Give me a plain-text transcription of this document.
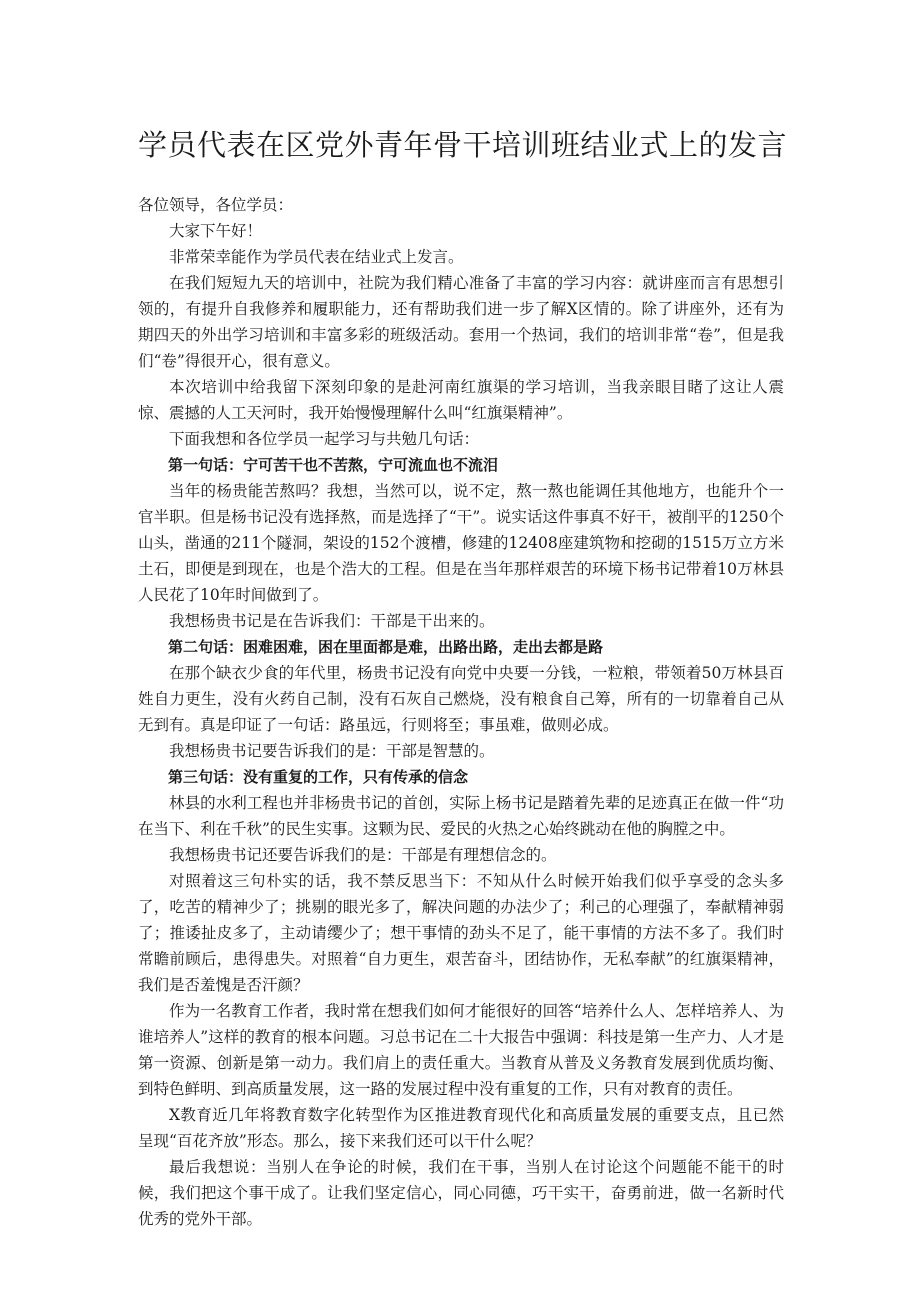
学员代表在区党外青年骨干培训班结业式上的发言

各位领导，各位学员：

大家下午好！

非常荣幸能作为学员代表在结业式上发言。

在我们短短九天的培训中，社院为我们精心准备了丰富的学习内容：就讲座而言有思想引领的，有提升自我修养和履职能力，还有帮助我们进一步了解X区情的。除了讲座外，还有为期四天的外出学习培训和丰富多彩的班级活动。套用一个热词，我们的培训非常“卷”，但是我们“卷”得很开心，很有意义。

本次培训中给我留下深刻印象的是赴河南红旗渠的学习培训，当我亲眼目睹了这让人震惊、震撼的人工天河时，我开始慢慢理解什么叫“红旗渠精神”。

下面我想和各位学员一起学习与共勉几句话：

第一句话：宁可苦干也不苦熬，宁可流血也不流泪

当年的杨贵能苦熬吗？我想，当然可以，说不定，熬一熬也能调任其他地方，也能升个一官半职。但是杨书记没有选择熬，而是选择了“干”。说实话这件事真不好干，被削平的1250个山头，凿通的211个隧洞，架设的152个渡槽，修建的12408座建筑物和挖砌的1515万立方米土石，即便是到现在，也是个浩大的工程。但是在当年那样艰苦的环境下杨书记带着10万林县人民花了10年时间做到了。

我想杨贵书记是在告诉我们：干部是干出来的。

第二句话：困难困难，困在里面都是难，出路出路，走出去都是路

在那个缺衣少食的年代里，杨贵书记没有向党中央要一分钱，一粒粮，带领着50万林县百姓自力更生，没有火药自己制，没有石灰自己燃烧，没有粮食自己筹，所有的一切靠着自己从无到有。真是印证了一句话：路虽远，行则将至；事虽难，做则必成。

我想杨贵书记要告诉我们的是：干部是智慧的。

第三句话：没有重复的工作，只有传承的信念

林县的水利工程也并非杨贵书记的首创，实际上杨书记是踏着先辈的足迹真正在做一件“功在当下、利在千秋”的民生实事。这颗为民、爱民的火热之心始终跳动在他的胸膛之中。

我想杨贵书记还要告诉我们的是：干部是有理想信念的。

对照着这三句朴实的话，我不禁反思当下：不知从什么时候开始我们似乎享受的念头多了，吃苦的精神少了；挑剔的眼光多了，解决问题的办法少了；利己的心理强了，奉献精神弱了；推诿扯皮多了，主动请缨少了；想干事情的劲头不足了，能干事情的方法不多了。我们时常瞻前顾后，患得患失。对照着“自力更生，艰苦奋斗，团结协作，无私奉献”的红旗渠精神，我们是否羞愧是否汗颜？

作为一名教育工作者，我时常在想我们如何才能很好的回答“培养什么人、怎样培养人、为谁培养人”这样的教育的根本问题。习总书记在二十大报告中强调：科技是第一生产力、人才是第一资源、创新是第一动力。我们肩上的责任重大。当教育从普及义务教育发展到优质均衡、到特色鲜明、到高质量发展，这一路的发展过程中没有重复的工作，只有对教育的责任。

X教育近几年将教育数字化转型作为区推进教育现代化和高质量发展的重要支点，且已然呈现“百花齐放”形态。那么，接下来我们还可以干什么呢？

最后我想说：当别人在争论的时候，我们在干事，当别人在讨论这个问题能不能干的时候，我们把这个事干成了。让我们坚定信心，同心同德，巧干实干，奋勇前进，做一名新时代优秀的党外干部。
